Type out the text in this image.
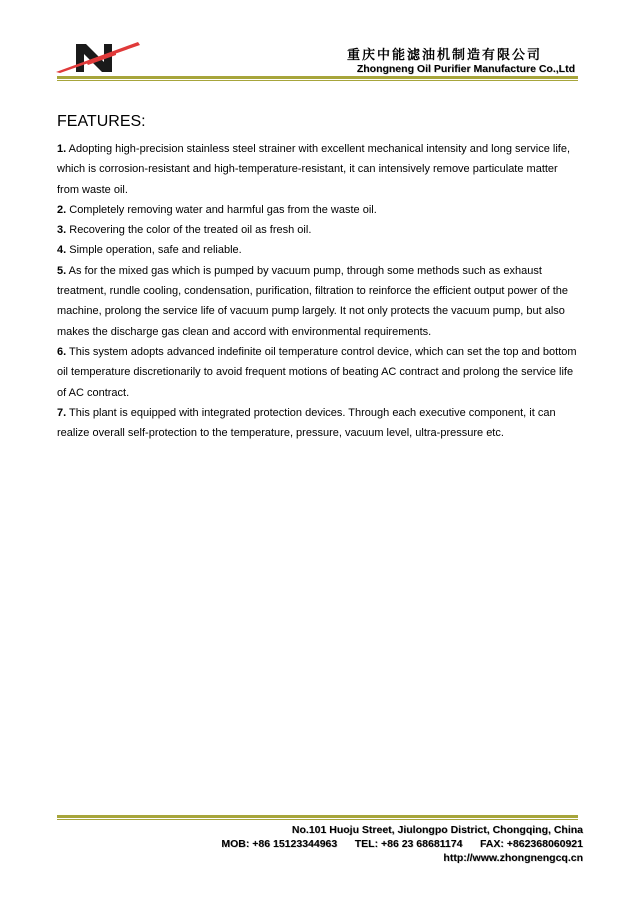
重庆中能滤油机制造有限公司
Zhongneng Oil Purifier Manufacture Co.,Ltd
FEATURES:
1. Adopting high-precision stainless steel strainer with excellent mechanical intensity and long service life, which is corrosion-resistant and high-temperature-resistant, it can intensively remove particulate matter from waste oil.
2. Completely removing water and harmful gas from the waste oil.
3. Recovering the color of the treated oil as fresh oil.
4. Simple operation, safe and reliable.
5. As for the mixed gas which is pumped by vacuum pump, through some methods such as exhaust treatment, rundle cooling, condensation, purification, filtration to reinforce the efficient output power of the machine, prolong the service life of vacuum pump largely. It not only protects the vacuum pump, but also makes the discharge gas clean and accord with environmental requirements.
6. This system adopts advanced indefinite oil temperature control device, which can set the top and bottom oil temperature discretionarily to avoid frequent motions of beating AC contract and prolong the service life of AC contract.
7. This plant is equipped with integrated protection devices. Through each executive component, it can realize overall self-protection to the temperature, pressure, vacuum level, ultra-pressure etc.
No.101 Huoju Street, Jiulongpo District, Chongqing, China
MOB: +86 15123344963      TEL: +86 23 68681174      FAX: +862368060921
http://www.zhongnengcq.cn
